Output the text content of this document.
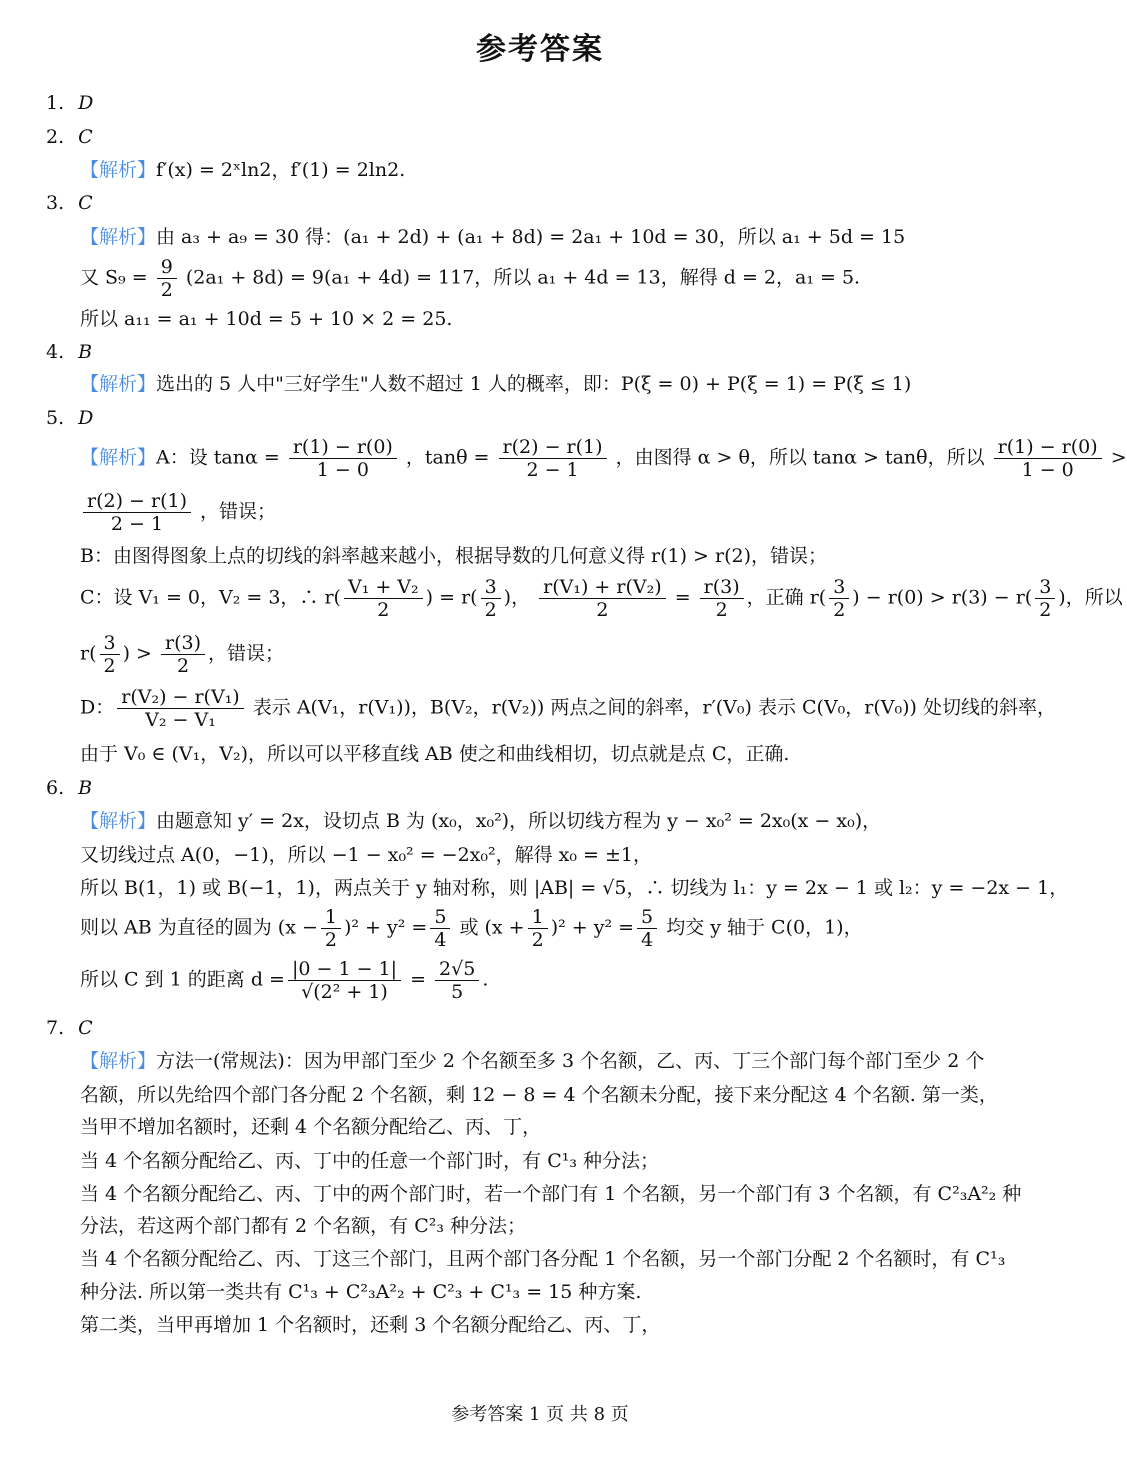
参考答案
1. D
2. C
【解析】f′(x) = 2ˣln2，f′(1) = 2ln2.
3. C
【解析】由 a₃ + a₉ = 30 得：(a₁ + 2d) + (a₁ + 8d) = 2a₁ + 10d = 30，所以 a₁ + 5d = 15
又 $S_9 = \frac{9}{2} (2a_1 + 8d) = 9(a_1 + 4d) = 117$，所以 a₁ + 4d = 13，解得 d = 2，a₁ = 5.
所以 a₁₁ = a₁ + 10d = 5 + 10 × 2 = 25.
4. B
【解析】选出的 5 人中"三好学生"人数不超过 1 人的概率，即：P(ξ = 0) + P(ξ = 1) = P(ξ ≤ 1)
5. D
【解析】A：设 $\tan\alpha = \frac{r(1) - r(0)}{1 - 0}$ ，$\tan\theta = \frac{r(2) - r(1)}{2 - 1}$ ，由图得 α > θ，所以 tanα > tanθ，所以 $\frac{r(1) - r(0)}{1 - 0}$ >
$\frac{r(2) - r(1)}{2 - 1}$ ，错误；
B：由图得图象上点的切线的斜率越来越小，根据导数的几何意义得 r(1) > r(2)，错误；
C：设 V₁ = 0，V₂ = 3，∴ $r( \frac{\text{V₁ + V₂}}{2}$ ) = $r( \frac{3}{2}$ )， $\frac{\text{r(V₁) + r(V₂)}}{2} = \frac{r(3)}{2}$ ，正确 $r( \frac{3}{2}$ ) − $r(0) > r(3) - r( \frac{3}{2}$ )，所以
$r( \frac{3}{2}$ ) > $\frac{r(3)}{2}$ ，错误；
D： $\frac{\text{r(V₂) − r(V₁)}}{\text{V₂ − V₁}}$ 表示 A(V₁，r(V₁))，B(V₂，r(V₂)) 两点之间的斜率，r′(V₀) 表示 C(V₀，r(V₀)) 处切线的斜率，
由于 V₀ ∈ (V₁，V₂)，所以可以平移直线 AB 使之和曲线相切，切点就是点 C，正确.
6. B
【解析】由题意知 y′ = 2x，设切点 B 为 (x₀，x₀²)，所以切线方程为 y − x₀² = 2x₀(x − x₀)，
又切线过点 A(0，−1)，所以 −1 − x₀² = −2x₀²，解得 x₀ = ±1，
所以 B(1，1) 或 B(−1，1)，两点关于 y 轴对称，则 |AB| = √5，∴ 切线为 l₁：y = 2x − 1 或 l₂：y = −2x − 1，
则以 AB 为直径的圆为 $(x - \frac{1}{2} )^2 + y^2 = \frac{5}{4}$ 或 $(x + \frac{1}{2} )^2 + y^2 = \frac{5}{4}$ 均交 y 轴于 C(0，1)，
所以 C 到 1 的距离 $d = \frac{|0 - 1 - 1|}{\text{√(2² + 1)}} = \frac{2√5}{5}$ .
7. C
【解析】方法一(常规法)：因为甲部门至少 2 个名额至多 3 个名额，乙、丙、丁三个部门每个部门至少 2 个
名额，所以先给四个部门各分配 2 个名额，剩 12 − 8 = 4 个名额未分配，接下来分配这 4 个名额. 第一类，
当甲不增加名额时，还剩 4 个名额分配给乙、丙、丁，
当 4 个名额分配给乙、丙、丁中的任意一个部门时，有 C¹₃ 种分法；
当 4 个名额分配给乙、丙、丁中的两个部门时，若一个部门有 1 个名额，另一个部门有 3 个名额，有 C²₃A²₂ 种
分法，若这两个部门都有 2 个名额，有 C²₃ 种分法；
当 4 个名额分配给乙、丙、丁这三个部门，且两个部门各分配 1 个名额，另一个部门分配 2 个名额时，有 C¹₃
种分法. 所以第一类共有 C¹₃ + C²₃A²₂ + C²₃ + C¹₃ = 15 种方案.
第二类，当甲再增加 1 个名额时，还剩 3 个名额分配给乙、丙、丁，
参考答案 1 页 共 8 页
